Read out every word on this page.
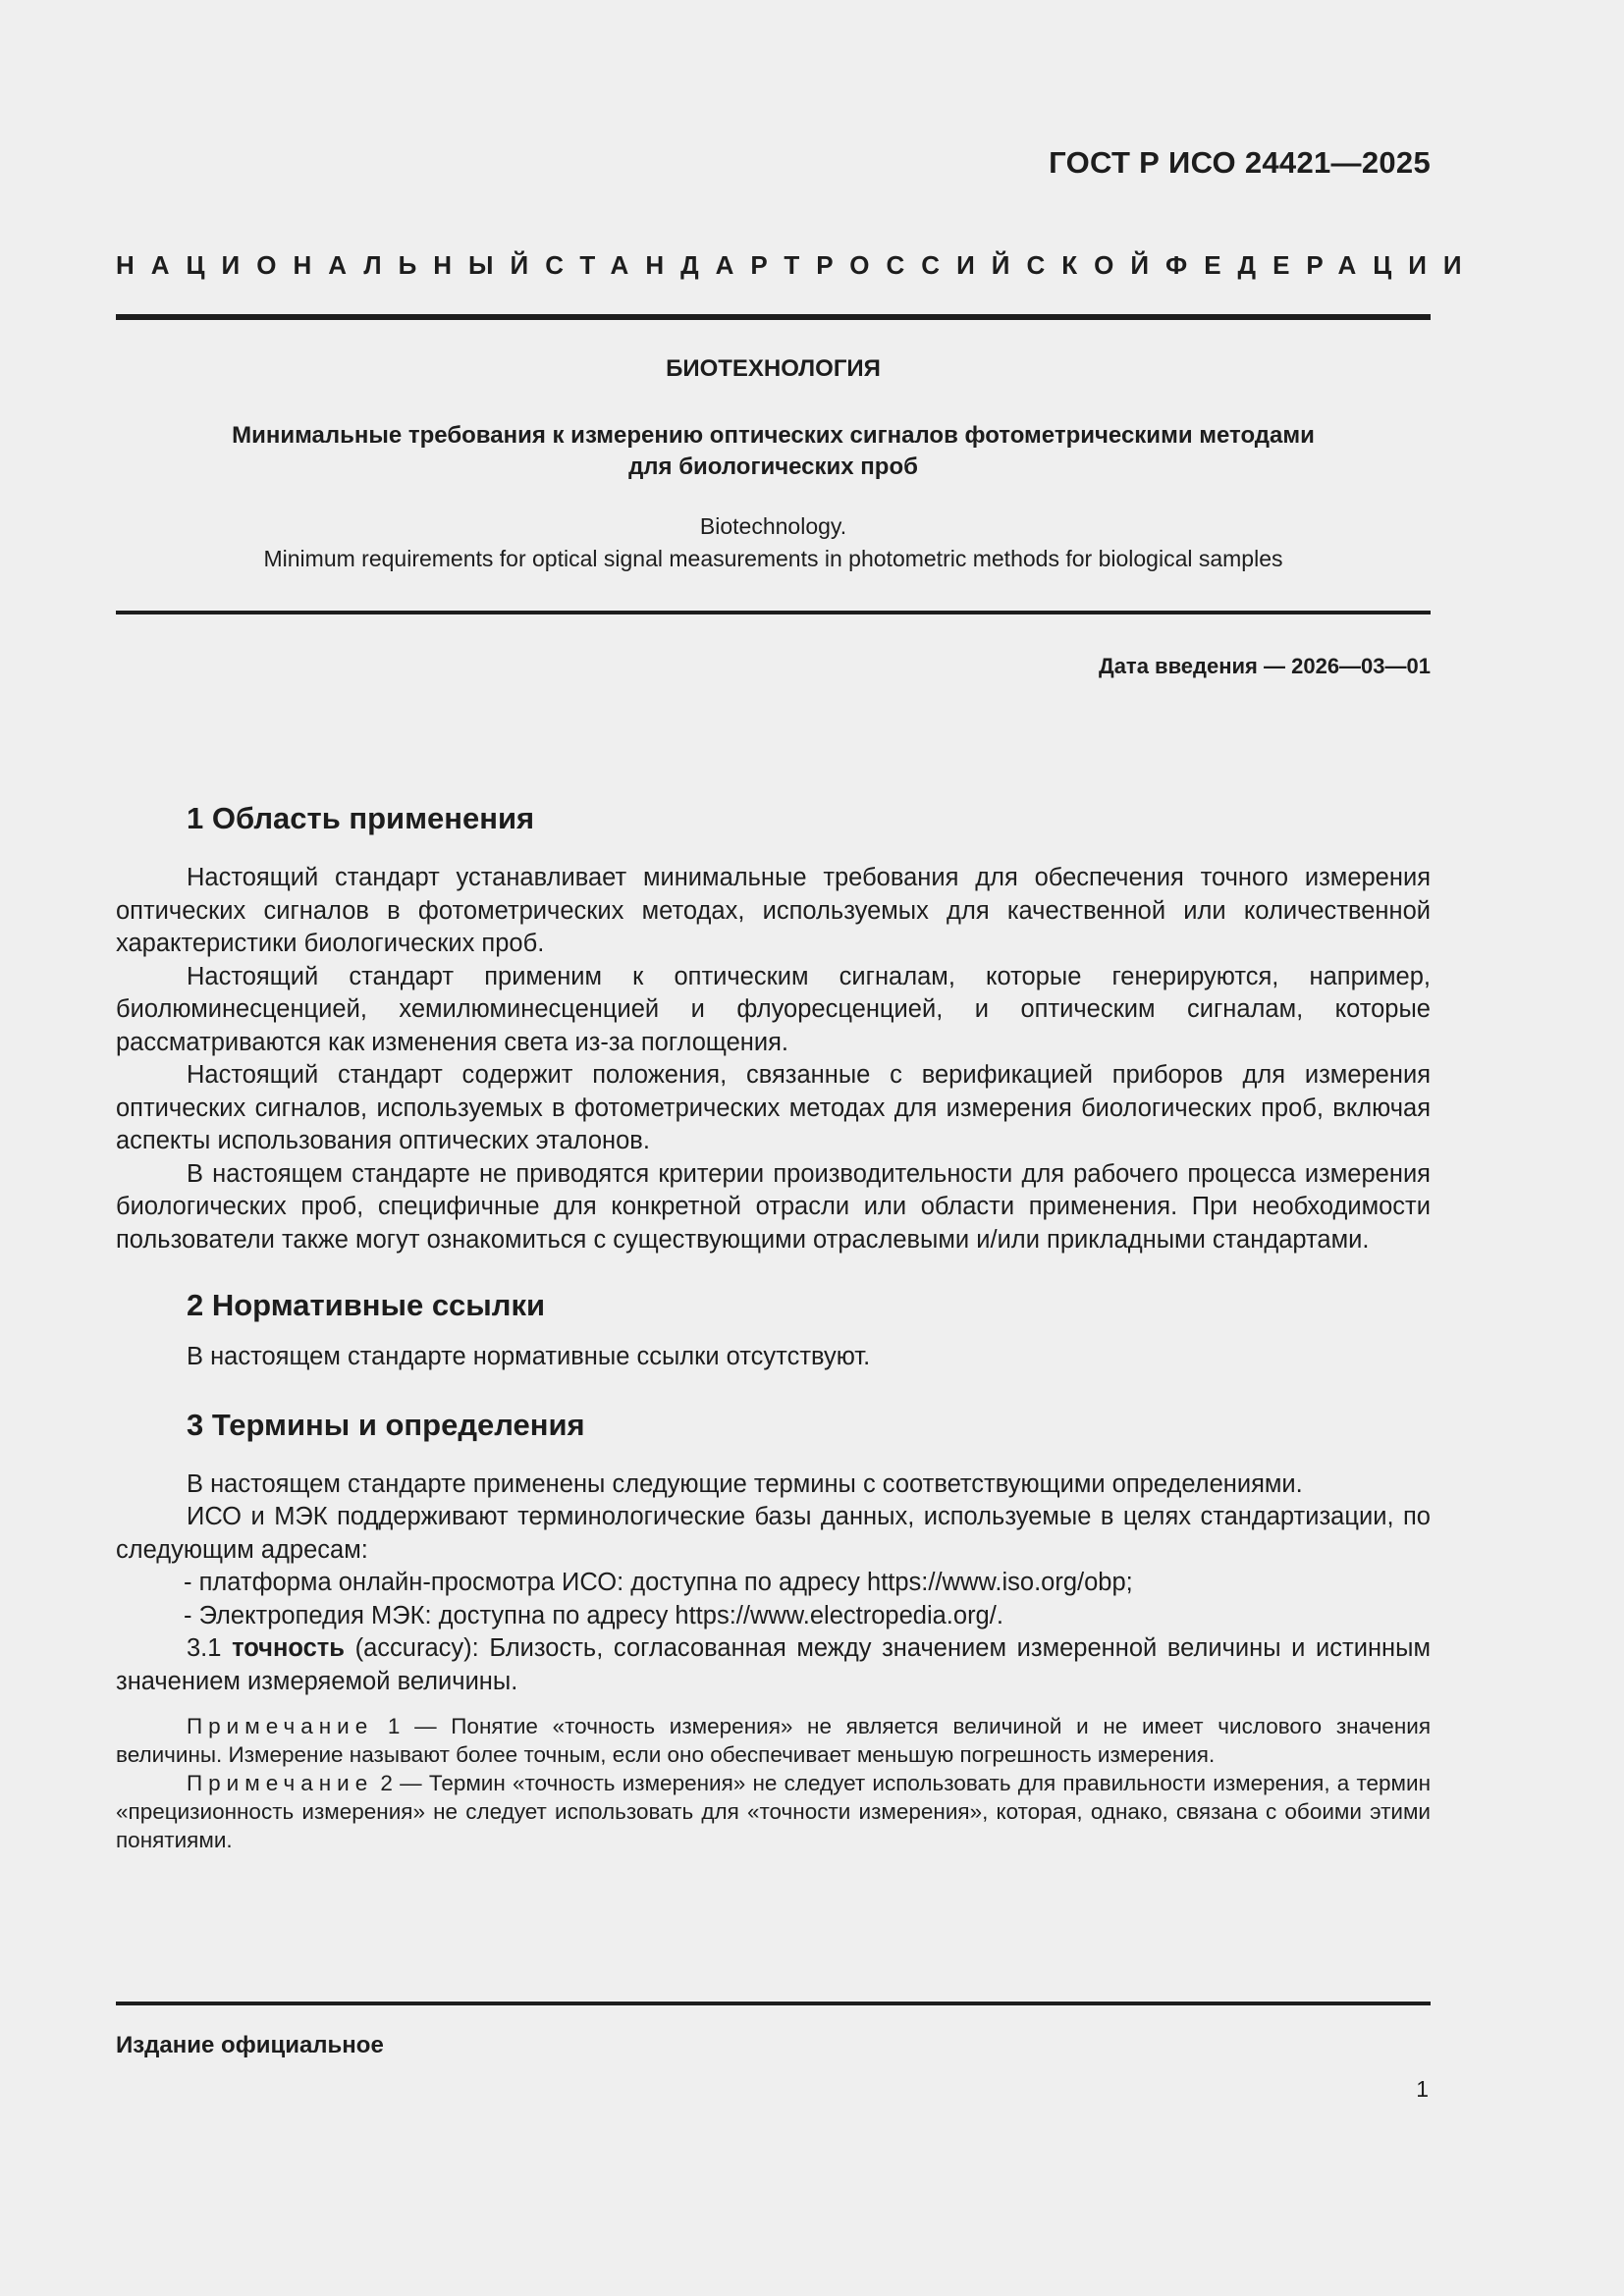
ГОСТ Р ИСО 24421—2025
НАЦИОНАЛЬНЫЙ СТАНДАРТ РОССИЙСКОЙ ФЕДЕРАЦИИ
БИОТЕХНОЛОГИЯ
Минимальные требования к измерению оптических сигналов фотометрическими методами
для биологических проб
Biotechnology.
Minimum requirements for optical signal measurements in photometric methods for biological samples
Дата введения — 2026—03—01
1 Область применения

Настоящий стандарт устанавливает минимальные требования для обеспечения точного измерения оптических сигналов в фотометрических методах, используемых для качественной или количественной характеристики биологических проб.

Настоящий стандарт применим к оптическим сигналам, которые генерируются, например, биолюминесценцией, хемилюминесценцией и флуоресценцией, и оптическим сигналам, которые рассматриваются как изменения света из-за поглощения.

Настоящий стандарт содержит положения, связанные с верификацией приборов для измерения оптических сигналов, используемых в фотометрических методах для измерения биологических проб, включая аспекты использования оптических эталонов.

В настоящем стандарте не приводятся критерии производительности для рабочего процесса измерения биологических проб, специфичные для конкретной отрасли или области применения. При необходимости пользователи также могут ознакомиться с существующими отраслевыми и/или прикладными стандартами.

2 Нормативные ссылки

В настоящем стандарте нормативные ссылки отсутствуют.

3 Термины и определения

В настоящем стандарте применены следующие термины с соответствующими определениями.

ИСО и МЭК поддерживают терминологические базы данных, используемые в целях стандартизации, по следующим адресам:

- платформа онлайн-просмотра ИСО: доступна по адресу https://www.iso.org/obp;

- Электропедия МЭК: доступна по адресу https://www.electropedia.org/.

3.1 точность (accuracy): Близость, согласованная между значением измеренной величины и истинным значением измеряемой величины.

Примечание 1 — Понятие «точность измерения» не является величиной и не имеет числового значения величины. Измерение называют более точным, если оно обеспечивает меньшую погрешность измерения.

Примечание 2 — Термин «точность измерения» не следует использовать для правильности измерения, а термин «прецизионность измерения» не следует использовать для «точности измерения», которая, однако, связана с обоими этими понятиями.

Издание официальное
1
